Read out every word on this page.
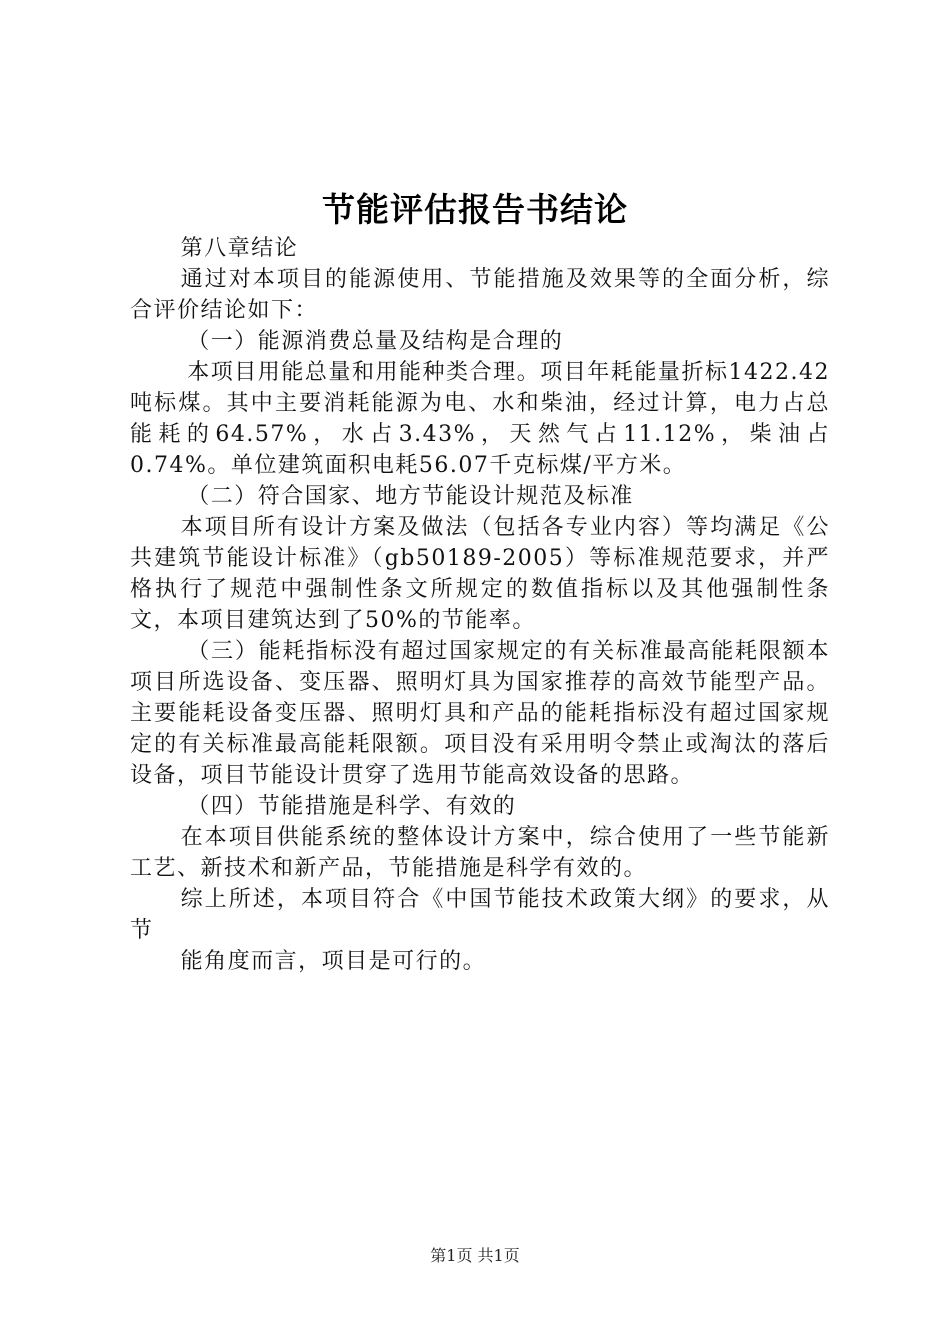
节能评估报告书结论

第八章结论

通过对本项目的能源使用、节能措施及效果等的全面分析，综合评价结论如下：

（一）能源消费总量及结构是合理的

本项目用能总量和用能种类合理。项目年耗能量折标1422.42吨标煤。其中主要消耗能源为电、水和柴油，经过计算，电力占总能耗的64.57%，水占3.43%，天然气占11.12%，柴油占0.74%。单位建筑面积电耗56.07千克标煤/平方米。

（二）符合国家、地方节能设计规范及标准

本项目所有设计方案及做法（包括各专业内容）等均满足《公共建筑节能设计标准》（gb50189-2005）等标准规范要求，并严格执行了规范中强制性条文所规定的数值指标以及其他强制性条文，本项目建筑达到了50%的节能率。

（三）能耗指标没有超过国家规定的有关标准最高能耗限额本项目所选设备、变压器、照明灯具为国家推荐的高效节能型产品。主要能耗设备变压器、照明灯具和产品的能耗指标没有超过国家规定的有关标准最高能耗限额。项目没有采用明令禁止或淘汰的落后设备，项目节能设计贯穿了选用节能高效设备的思路。

（四）节能措施是科学、有效的

在本项目供能系统的整体设计方案中，综合使用了一些节能新工艺、新技术和新产品，节能措施是科学有效的。

综上所述，本项目符合《中国节能技术政策大纲》的要求，从节

能角度而言，项目是可行的。

第1页 共1页
